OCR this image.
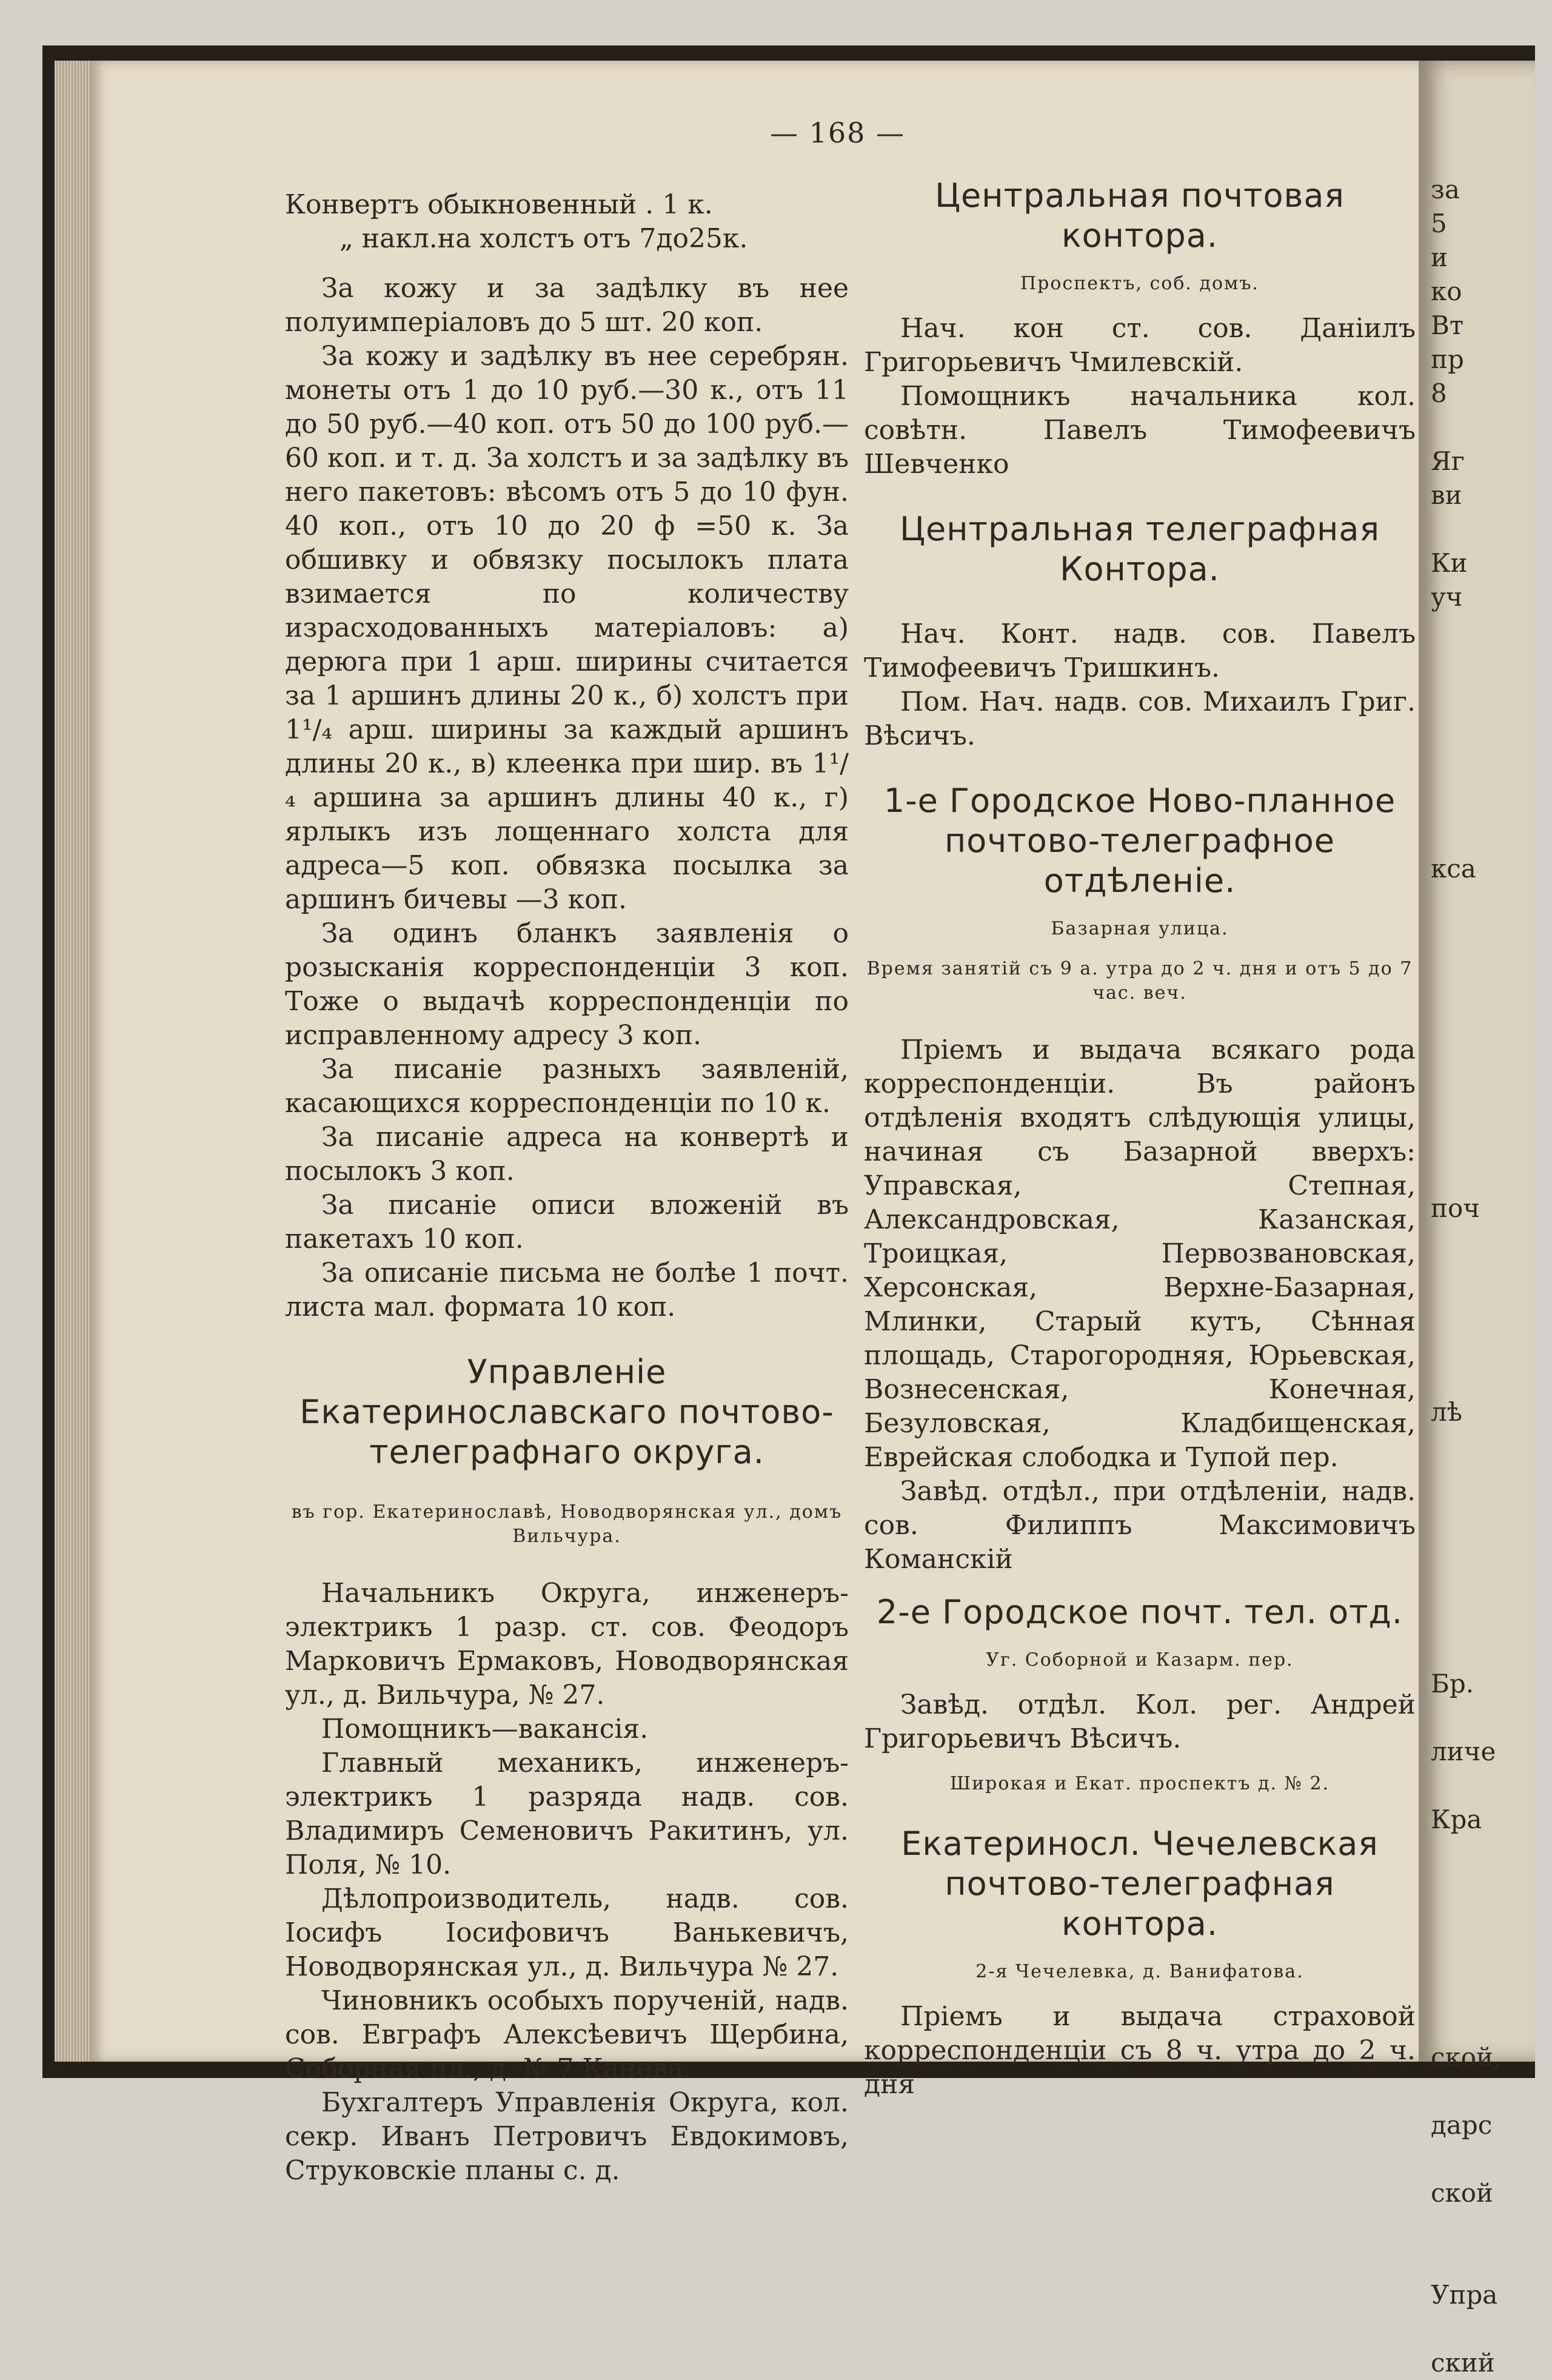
за
5
и
ко
Вт
пр
8
Яг
ви
Ки
уч
кса
поч
лѣ
Бр.
личе
Кра
ской,
дарс
ской
Упра
ский
— 168 —

Конвертъ обыкновенный . 1 к.

„ накл.на холстъ отъ 7до25к.

За кожу и за задѣлку въ нее полуимперіаловъ до 5 шт. 20 коп.

За кожу и задѣлку въ нее серебрян. монеты отъ 1 до 10 руб.—30 к., отъ 11 до 50 руб.—40 коп. отъ 50 до 100 руб.—60 коп. и т. д. За холстъ и за задѣлку въ него пакетовъ: вѣсомъ отъ 5 до 10 фун. 40 коп., отъ 10 до 20 ф =50 к. За обшивку и обвязку посылокъ плата взимается по количеству израсходованныхъ матеріаловъ: а) дерюга при 1 арш. ширины считается за 1 аршинъ длины 20 к., б) холстъ при 1¹/₄ арш. ширины за каждый аршинъ длины 20 к., в) клеенка при шир. въ 1¹/₄ аршина за аршинъ длины 40 к., г) ярлыкъ изъ лощеннаго холста для адреса—5 коп. обвязка посылка за аршинъ бичевы —3 коп.

За одинъ бланкъ заявленія о розысканія корреспонденціи 3 коп. Тоже о выдачѣ корреспонденціи по исправленному адресу 3 коп.

За писаніе разныхъ заявленій, касающихся корреспонденціи по 10 к.

За писаніе адреса на конвертѣ и посылокъ 3 коп.

За писаніе описи вложеній въ пакетахъ 10 коп.

За описаніе письма не болѣе 1 почт. листа мал. формата 10 коп.

Управленіе Екатеринославскаго почтово-телеграфнаго округа.

въ гор. Екатеринославѣ, Новодворянская ул., домъ Вильчура.

Начальникъ Округа, инженеръ-электрикъ 1 разр. ст. сов. Феодоръ Марковичъ Ермаковъ, Новодворянская ул., д. Вильчура, № 27.

Помощникъ—вакансія.

Главный механикъ, инженеръ-электрикъ 1 разряда надв. сов. Владимиръ Семеновичъ Ракитинъ, ул. Поля, № 10.

Дѣлопроизводитель, надв. сов. Іосифъ Іосифовичъ Ванькевичъ, Новодворянская ул., д. Вильчура № 27.

Чиновникъ особыхъ порученій, надв. сов. Евграфъ Алексѣевичъ Щербина, Соборная пл., д. № 7 Канева.

Бухгалтеръ Управленія Округа, кол. секр. Иванъ Петровичъ Евдокимовъ, Струковскіе планы с. д.

Центральная почтовая контора.

Проспектъ, соб. домъ.

Нач. кон ст. сов. Даніилъ Григорьевичъ Чмилевскій.

Помощникъ начальника кол. совѣтн. Павелъ Тимофеевичъ Шевченко

Центральная телеграфная Контора.

Нач. Конт. надв. сов. Павелъ Тимофеевичъ Тришкинъ.

Пом. Нач. надв. сов. Михаилъ Григ. Вѣсичъ.

1-е Городское Ново-планное почтово-телеграфное отдѣленіе.

Базарная улица.

Время занятій съ 9 а. утра до 2 ч. дня и отъ 5 до 7 час. веч.

Пріемъ и выдача всякаго рода корреспонденціи. Въ районъ отдѣленія входятъ слѣдующія улицы, начиная съ Базарной вверхъ: Управская, Степная, Александровская, Казанская, Троицкая, Первозвановская, Херсонская, Верхне-Базарная, Млинки, Старый кутъ, Сѣнная площадь, Старогородняя, Юрьевская, Вознесенская, Конечная, Безуловская, Кладбищенская, Еврейская слободка и Тупой пер.

Завѣд. отдѣл., при отдѣленіи, надв. сов. Филиппъ Максимовичъ Команскій

2-е Городское почт. тел. отд.

Уг. Соборной и Казарм. пер.

Завѣд. отдѣл. Кол. рег. Андрей Григорьевичъ Вѣсичъ.

Широкая и Екат. проспектъ д. № 2.

Екатериносл. Чечелевская почтово-телеграфная контора.

2-я Чечелевка, д. Ванифатова.

Пріемъ и выдача страховой корреспонденціи съ 8 ч. утра до 2 ч. дня
